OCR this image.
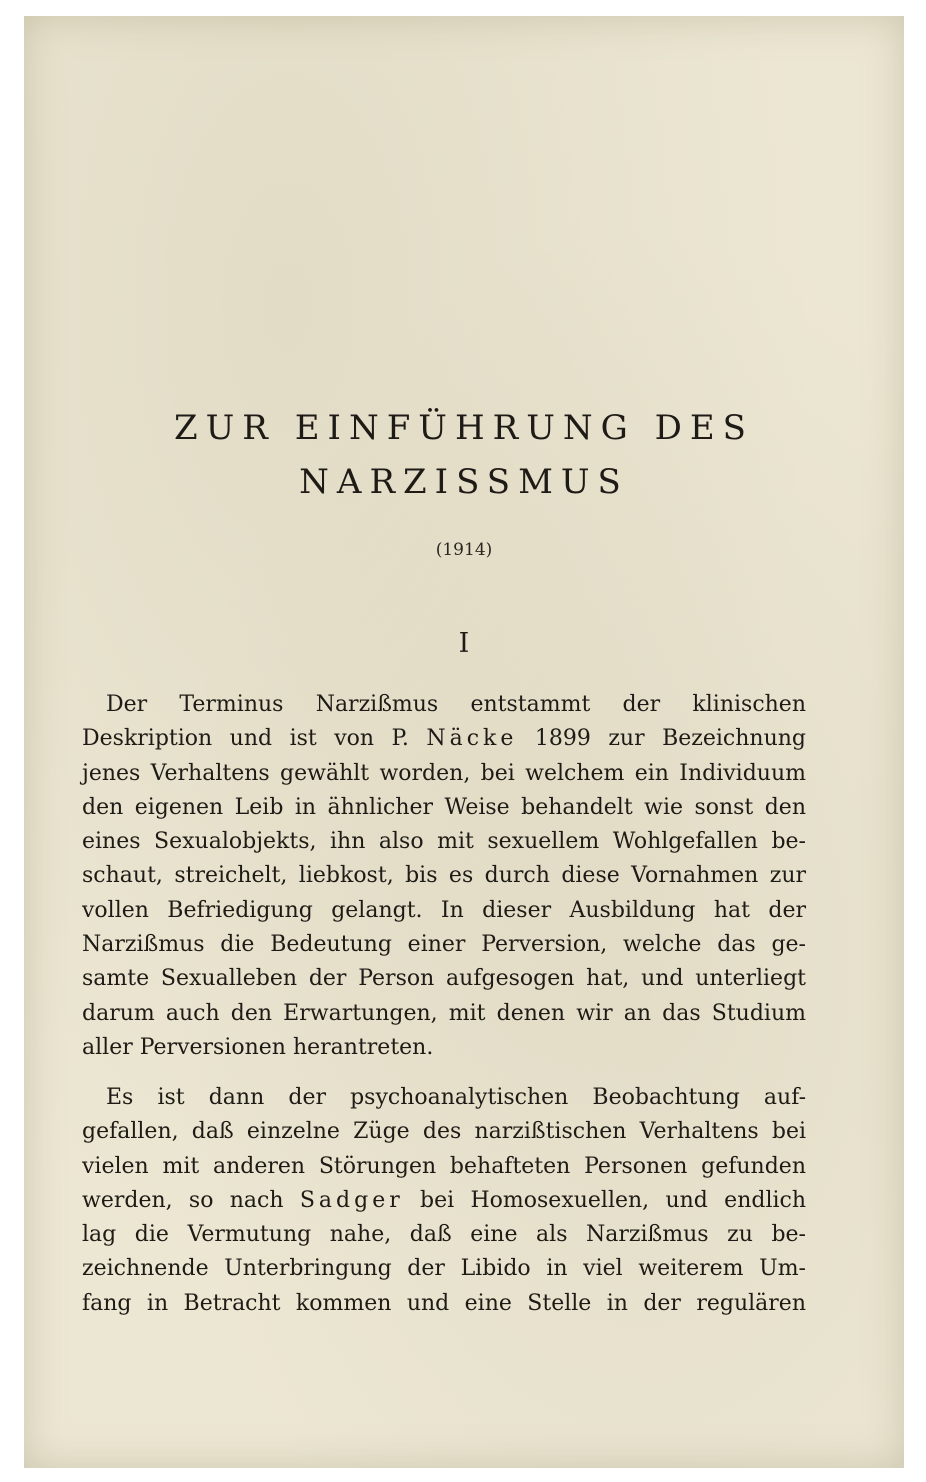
ZUR EINFÜHRUNG DES
NARZISSMUS
(1914)
I
Der Terminus Narzißmus entstammt der klinischen
Deskription und ist von P. Näcke 1899 zur Bezeichnung
jenes Verhaltens gewählt worden, bei welchem ein Individuum
den eigenen Leib in ähnlicher Weise behandelt wie sonst den
eines Sexualobjekts, ihn also mit sexuellem Wohlgefallen be-
schaut, streichelt, liebkost, bis es durch diese Vornahmen zur
vollen Befriedigung gelangt. In dieser Ausbildung hat der
Narzißmus die Bedeutung einer Perversion, welche das ge-
samte Sexualleben der Person aufgesogen hat, und unterliegt
darum auch den Erwartungen, mit denen wir an das Studium
aller Perversionen herantreten.
Es ist dann der psychoanalytischen Beobachtung auf-
gefallen, daß einzelne Züge des narzißtischen Verhaltens bei
vielen mit anderen Störungen behafteten Personen gefunden
werden, so nach Sadger bei Homosexuellen, und endlich
lag die Vermutung nahe, daß eine als Narzißmus zu be-
zeichnende Unterbringung der Libido in viel weiterem Um-
fang in Betracht kommen und eine Stelle in der regulären
